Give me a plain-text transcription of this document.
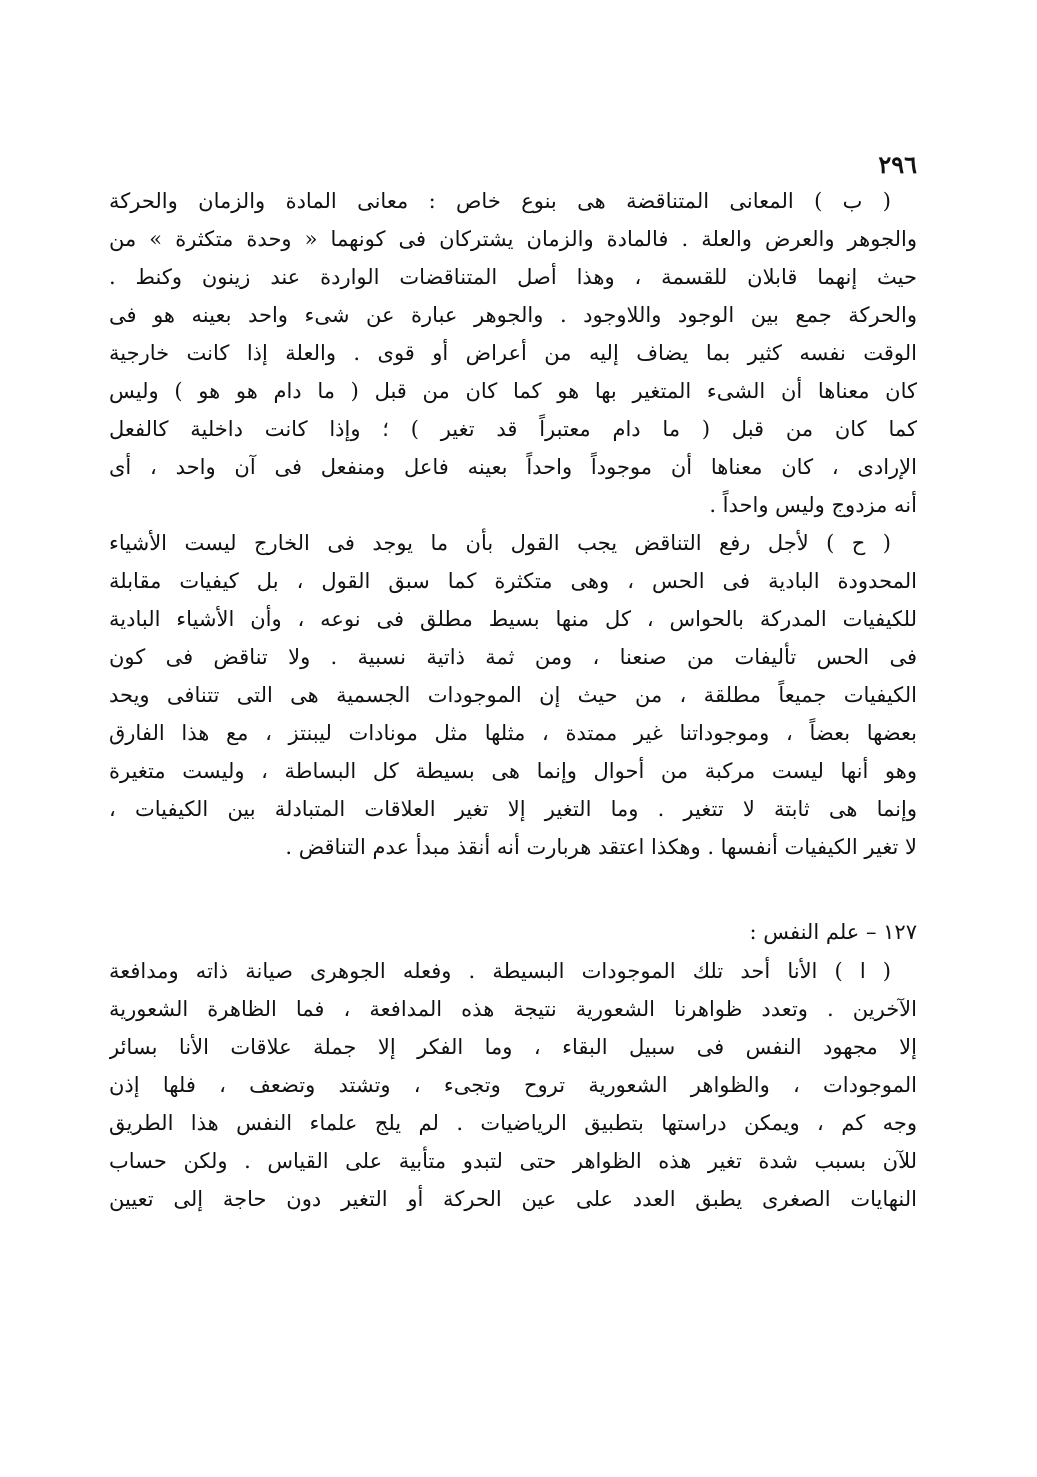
٢٩٦
( ب ) المعانى المتناقضة هى بنوع خاص : معانى المادة والزمان والحركة
والجوهر والعرض والعلة . فالمادة والزمان يشتركان فى كونهما « وحدة متكثرة » من
حيث إنهما قابلان للقسمة ، وهذا أصل المتناقضات الواردة عند زينون وكنط .
والحركة جمع بين الوجود واللاوجود . والجوهر عبارة عن شىء واحد بعينه هو فى
الوقت نفسه كثير بما يضاف إليه من أعراض أو قوى . والعلة إذا كانت خارجية
كان معناها أن الشىء المتغير بها هو كما كان من قبل ( ما دام هو هو ) وليس
كما كان من قبل ( ما دام معتبراً قد تغير ) ؛ وإذا كانت داخلية كالفعل
الإرادى ، كان معناها أن موجوداً واحداً بعينه فاعل ومنفعل فى آن واحد ، أى
أنه مزدوج وليس واحداً .
( ح ) لأجل رفع التناقض يجب القول بأن ما يوجد فى الخارج ليست الأشياء
المحدودة البادية فى الحس ، وهى متكثرة كما سبق القول ، بل كيفيات مقابلة
للكيفيات المدركة بالحواس ، كل منها بسيط مطلق فى نوعه ، وأن الأشياء البادية
فى الحس تأليفات من صنعنا ، ومن ثمة ذاتية نسبية . ولا تناقض فى كون
الكيفيات جميعاً مطلقة ، من حيث إن الموجودات الجسمية هى التى تتنافى ويحد
بعضها بعضاً ، وموجوداتنا غير ممتدة ، مثلها مثل مونادات ليبنتز ، مع هذا الفارق
وهو أنها ليست مركبة من أحوال وإنما هى بسيطة كل البساطة ، وليست متغيرة
وإنما هى ثابتة لا تتغير . وما التغير إلا تغير العلاقات المتبادلة بين الكيفيات ،
لا تغير الكيفيات أنفسها . وهكذا اعتقد هربارت أنه أنقذ مبدأ عدم التناقض .
١٢٧ – علم النفس :
( ا ) الأنا أحد تلك الموجودات البسيطة . وفعله الجوهرى صيانة ذاته ومدافعة
الآخرين . وتعدد ظواهرنا الشعورية نتيجة هذه المدافعة ، فما الظاهرة الشعورية
إلا مجهود النفس فى سبيل البقاء ، وما الفكر إلا جملة علاقات الأنا بسائر
الموجودات ، والظواهر الشعورية تروح وتجىء ، وتشتد وتضعف ، فلها إذن
وجه كم ، ويمكن دراستها بتطبيق الرياضيات . لم يلج علماء النفس هذا الطريق
للآن بسبب شدة تغير هذه الظواهر حتى لتبدو متأبية على القياس . ولكن حساب
النهايات الصغرى يطبق العدد على عين الحركة أو التغير دون حاجة إلى تعيين
